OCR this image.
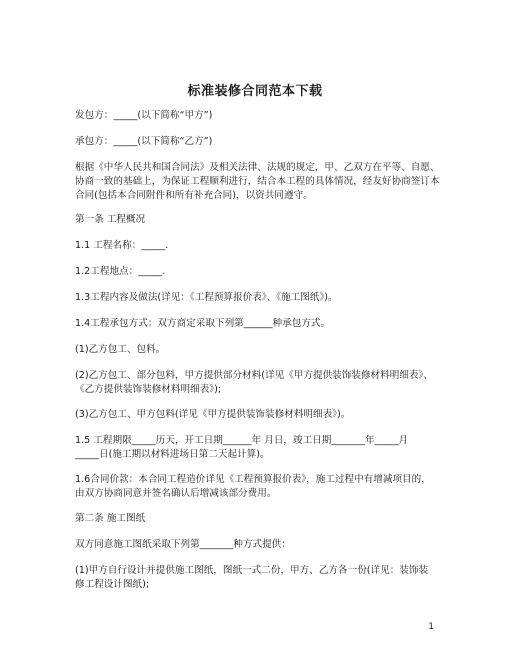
标准装修合同范本下载

发包方：_____(以下简称“甲方”)

承包方：_____(以下简称“乙方”)

根据《中华人民共和国合同法》及相关法律、法规的规定，甲、乙双方在平等、自愿、协商一致的基础上，为保证工程顺利进行，结合本工程的具体情况，经友好协商签订本合同(包括本合同附件和所有补充合同)，以资共同遵守。

第一条 工程概况

1.1 工程名称：_____.

1.2工程地点：_____.

1.3工程内容及做法(详见：《工程预算报价表》、《施工图纸》)。

1.4工程承包方式：双方商定采取下列第______种承包方式。

(1)乙方包工、包料。

(2)乙方包工、部分包料，甲方提供部分材料(详见《甲方提供装饰装修材料明细表》、《乙方提供装饰装修材料明细表》);

(3)乙方包工、甲方包料(详见《甲方提供装饰装修材料明细表》)。

1.5 工程期限_____历天，开工日期______年 月日，竣工日期_______年_____月_____日(施工期以材料进场日第二天起计算)。

1.6合同价款：本合同工程造价详见《工程预算报价表》，施工过程中有增减项目的，由双方协商同意并签名确认后增减该部分费用。

第二条 施工图纸

双方同意施工图纸采取下列第_______种方式提供：

(1)甲方自行设计并提供施工图纸，图纸一式二份，甲方、乙方各一份(详见：装饰装修工程设计图纸);

1
